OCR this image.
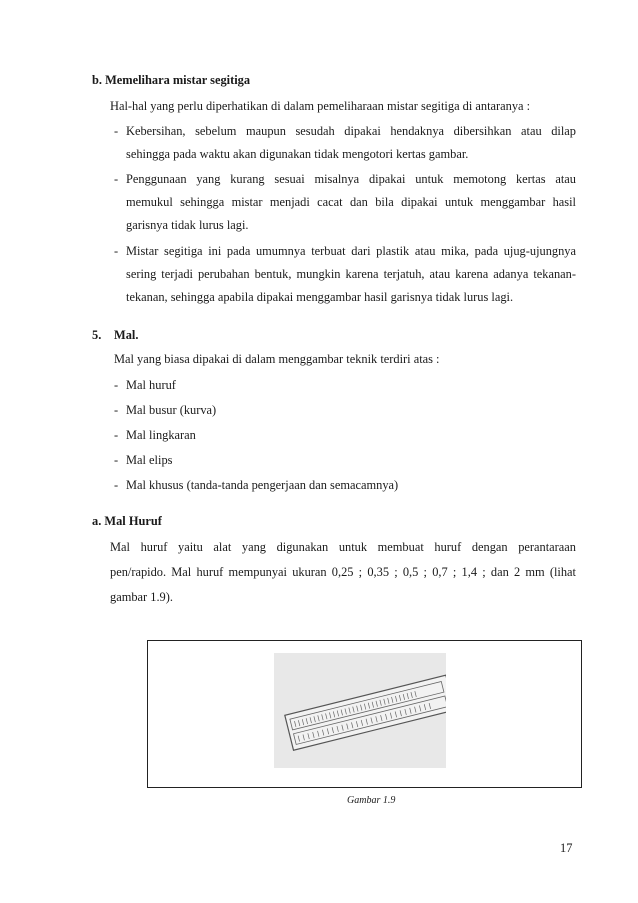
b. Memelihara mistar segitiga
Hal-hal yang perlu diperhatikan di dalam pemeliharaan mistar segitiga di antaranya :
- Kebersihan, sebelum maupun sesudah dipakai hendaknya dibersihkan atau dilap
sehingga pada waktu akan digunakan tidak mengotori kertas gambar.
- Penggunaan yang kurang sesuai misalnya dipakai untuk memotong kertas atau
memukul sehingga mistar menjadi cacat dan bila dipakai untuk menggambar hasil
garisnya tidak lurus lagi.
- Mistar segitiga ini pada umumnya terbuat dari plastik atau mika, pada ujug-ujungnya
sering terjadi perubahan bentuk, mungkin karena terjatuh, atau karena adanya tekanan-
tekanan, sehingga apabila dipakai menggambar hasil garisnya tidak lurus lagi.
5. Mal.
Mal yang biasa dipakai di dalam menggambar teknik terdiri atas :
- Mal huruf
- Mal busur (kurva)
- Mal lingkaran
- Mal elips
- Mal khusus (tanda-tanda pengerjaan dan semacamnya)
a. Mal Huruf
Mal huruf yaitu alat yang digunakan untuk membuat huruf dengan perantaraan
pen/rapido. Mal huruf mempunyai ukuran 0,25 ; 0,35 ; 0,5 ; 0,7 ; 1,4 ; dan 2 mm (lihat
gambar 1.9).
Gambar 1.9
17
